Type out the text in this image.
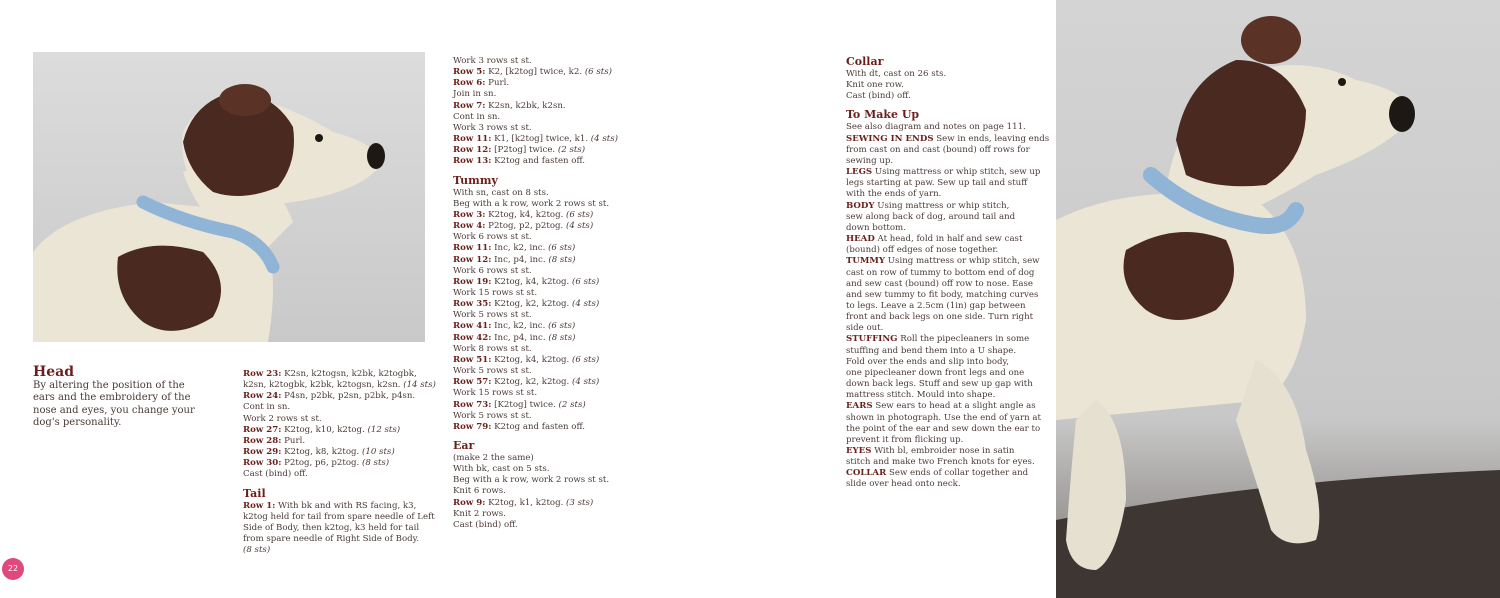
Head
By altering the position of the ears and the embroidery of the nose and eyes, you change your dog's personality.
Row 23: K2sn, k2togsn, k2bk, k2togbk,
k2sn, k2togbk, k2bk, k2togsn, k2sn. (14 sts)
Row 24: P4sn, p2bk, p2sn, p2bk, p4sn.
Cont in sn.
Work 2 rows st st.
Row 27: K2tog, k10, k2tog. (12 sts)
Row 28: Purl.
Row 29: K2tog, k8, k2tog. (10 sts)
Row 30: P2tog, p6, p2tog. (8 sts)
Cast (bind) off.
Tail
Row 1: With bk and with RS facing, k3,
k2tog held for tail from spare needle of Left
Side of Body, then k2tog, k3 held for tail
from spare needle of Right Side of Body.
(8 sts)
Work 3 rows st st.
Row 5: K2, [k2tog] twice, k2. (6 sts)
Row 6: Purl.
Join in sn.
Row 7: K2sn, k2bk, k2sn.
Cont in sn.
Work 3 rows st st.
Row 11: K1, [k2tog] twice, k1. (4 sts)
Row 12: [P2tog] twice. (2 sts)
Row 13: K2tog and fasten off.
Tummy
With sn, cast on 8 sts.
Beg with a k row, work 2 rows st st.
Row 3: K2tog, k4, k2tog. (6 sts)
Row 4: P2tog, p2, p2tog. (4 sts)
Work 6 rows st st.
Row 11: Inc, k2, inc. (6 sts)
Row 12: Inc, p4, inc. (8 sts)
Work 6 rows st st.
Row 19: K2tog, k4, k2tog. (6 sts)
Work 15 rows st st.
Row 35: K2tog, k2, k2tog. (4 sts)
Work 5 rows st st.
Row 41: Inc, k2, inc. (6 sts)
Row 42: Inc, p4, inc. (8 sts)
Work 8 rows st st.
Row 51: K2tog, k4, k2tog. (6 sts)
Work 5 rows st st.
Row 57: K2tog, k2, k2tog. (4 sts)
Work 15 rows st st.
Row 73: [K2tog] twice. (2 sts)
Work 5 rows st st.
Row 79: K2tog and fasten off.
Ear
(make 2 the same)
With bk, cast on 5 sts.
Beg with a k row, work 2 rows st st.
Knit 6 rows.
Row 9: K2tog, k1, k2tog. (3 sts)
Knit 2 rows.
Cast (bind) off.
Collar
With dt, cast on 26 sts.
Knit one row.
Cast (bind) off.
To Make Up
See also diagram and notes on page 111.
SEWING IN ENDS Sew in ends, leaving ends
from cast on and cast (bound) off rows for
sewing up.
LEGS Using mattress or whip stitch, sew up
legs starting at paw. Sew up tail and stuff
with the ends of yarn.
BODY Using mattress or whip stitch,
sew along back of dog, around tail and
down bottom.
HEAD At head, fold in half and sew cast
(bound) off edges of nose together.
TUMMY Using mattress or whip stitch, sew
cast on row of tummy to bottom end of dog
and sew cast (bound) off row to nose. Ease
and sew tummy to fit body, matching curves
to legs. Leave a 2.5cm (1in) gap between
front and back legs on one side. Turn right
side out.
STUFFING Roll the pipecleaners in some
stuffing and bend them into a U shape.
Fold over the ends and slip into body,
one pipecleaner down front legs and one
down back legs. Stuff and sew up gap with
mattress stitch. Mould into shape.
EARS Sew ears to head at a slight angle as
shown in photograph. Use the end of yarn at
the point of the ear and sew down the ear to
prevent it from flicking up.
EYES With bl, embroider nose in satin
stitch and make two French knots for eyes.
COLLAR Sew ends of collar together and
slide over head onto neck.
22
